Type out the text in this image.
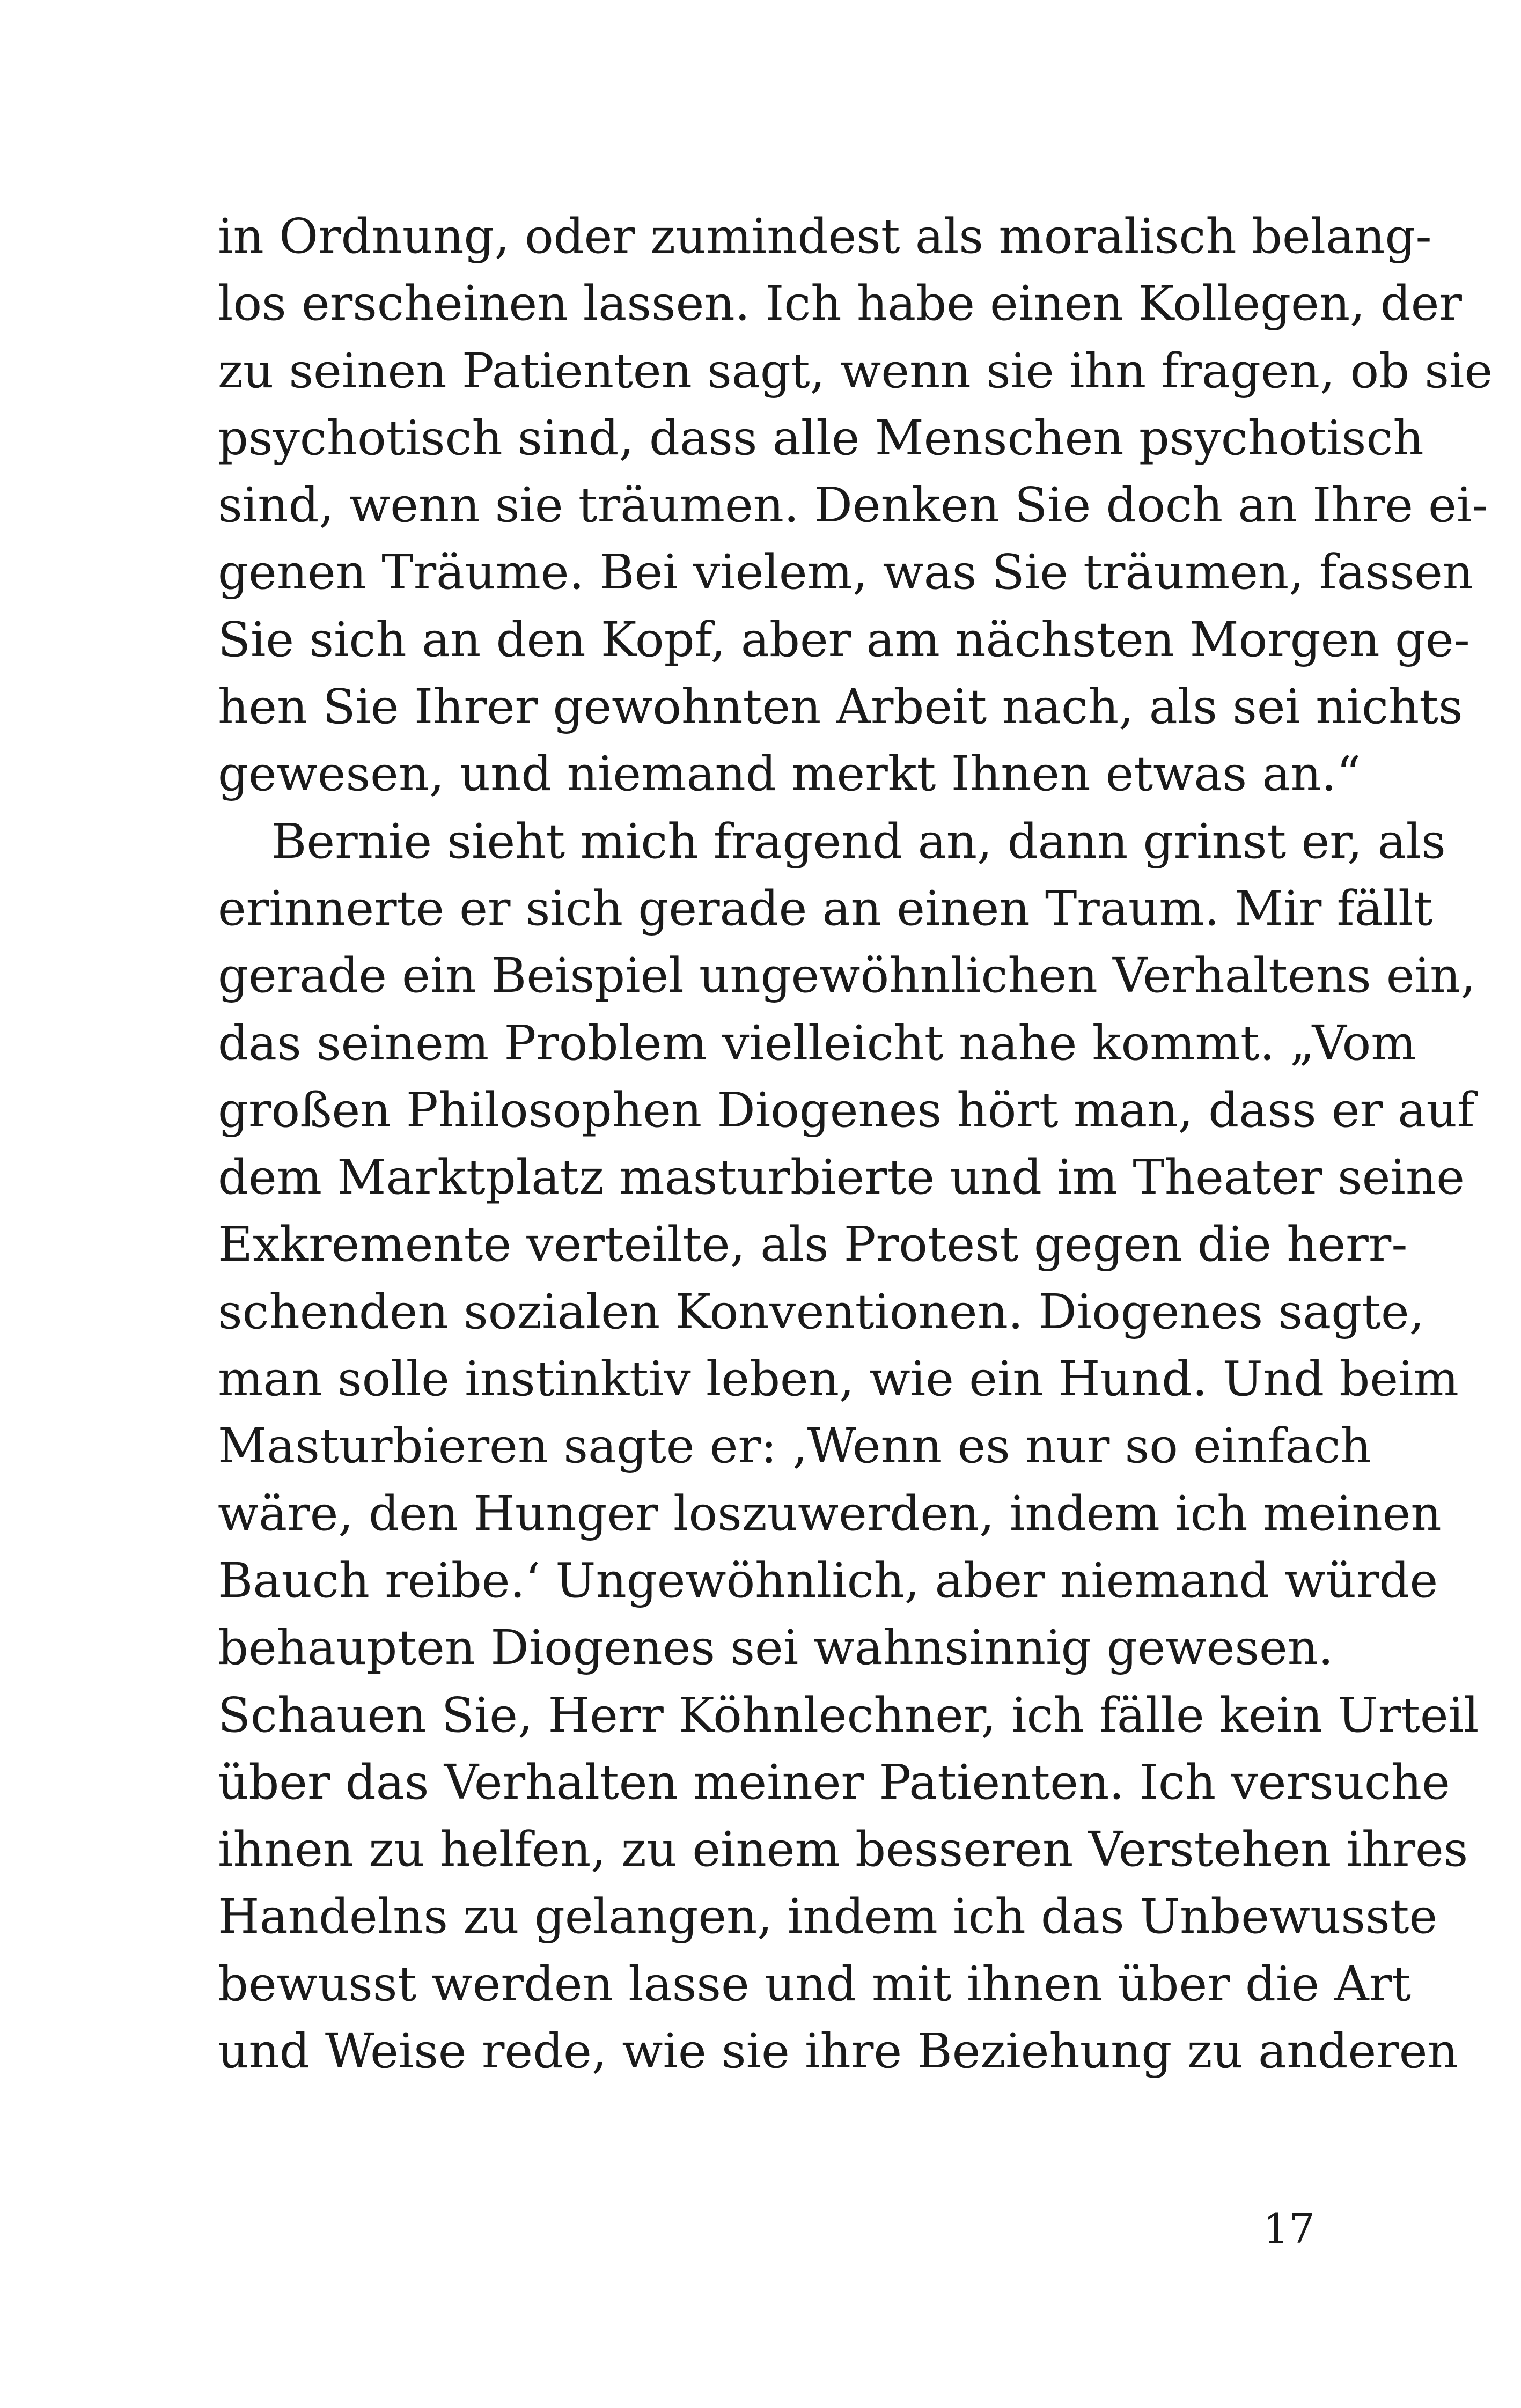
in Ordnung, oder zumindest als moralisch belang-
los erscheinen lassen. Ich habe einen Kollegen, der
zu seinen Patienten sagt, wenn sie ihn fragen, ob sie
psychotisch sind, dass alle Menschen psychotisch
sind, wenn sie träumen. Denken Sie doch an Ihre ei-
genen Träume. Bei vielem, was Sie träumen, fassen
Sie sich an den Kopf, aber am nächsten Morgen ge-
hen Sie Ihrer gewohnten Arbeit nach, als sei nichts
gewesen, und niemand merkt Ihnen etwas an.“
Bernie sieht mich fragend an, dann grinst er, als
erinnerte er sich gerade an einen Traum. Mir fällt
gerade ein Beispiel ungewöhnlichen Verhaltens ein,
das seinem Problem vielleicht nahe kommt. „Vom
großen Philosophen Diogenes hört man, dass er auf
dem Marktplatz masturbierte und im Theater seine
Exkremente verteilte, als Protest gegen die herr-
schenden sozialen Konventionen. Diogenes sagte,
man solle instinktiv leben, wie ein Hund. Und beim
Masturbieren sagte er: ‚Wenn es nur so einfach
wäre, den Hunger loszuwerden, indem ich meinen
Bauch reibe.‘ Ungewöhnlich, aber niemand würde
behaupten Diogenes sei wahnsinnig gewesen.
Schauen Sie, Herr Köhnlechner, ich fälle kein Urteil
über das Verhalten meiner Patienten. Ich versuche
ihnen zu helfen, zu einem besseren Verstehen ihres
Handelns zu gelangen, indem ich das Unbewusste
bewusst werden lasse und mit ihnen über die Art
und Weise rede, wie sie ihre Beziehung zu anderen
17
